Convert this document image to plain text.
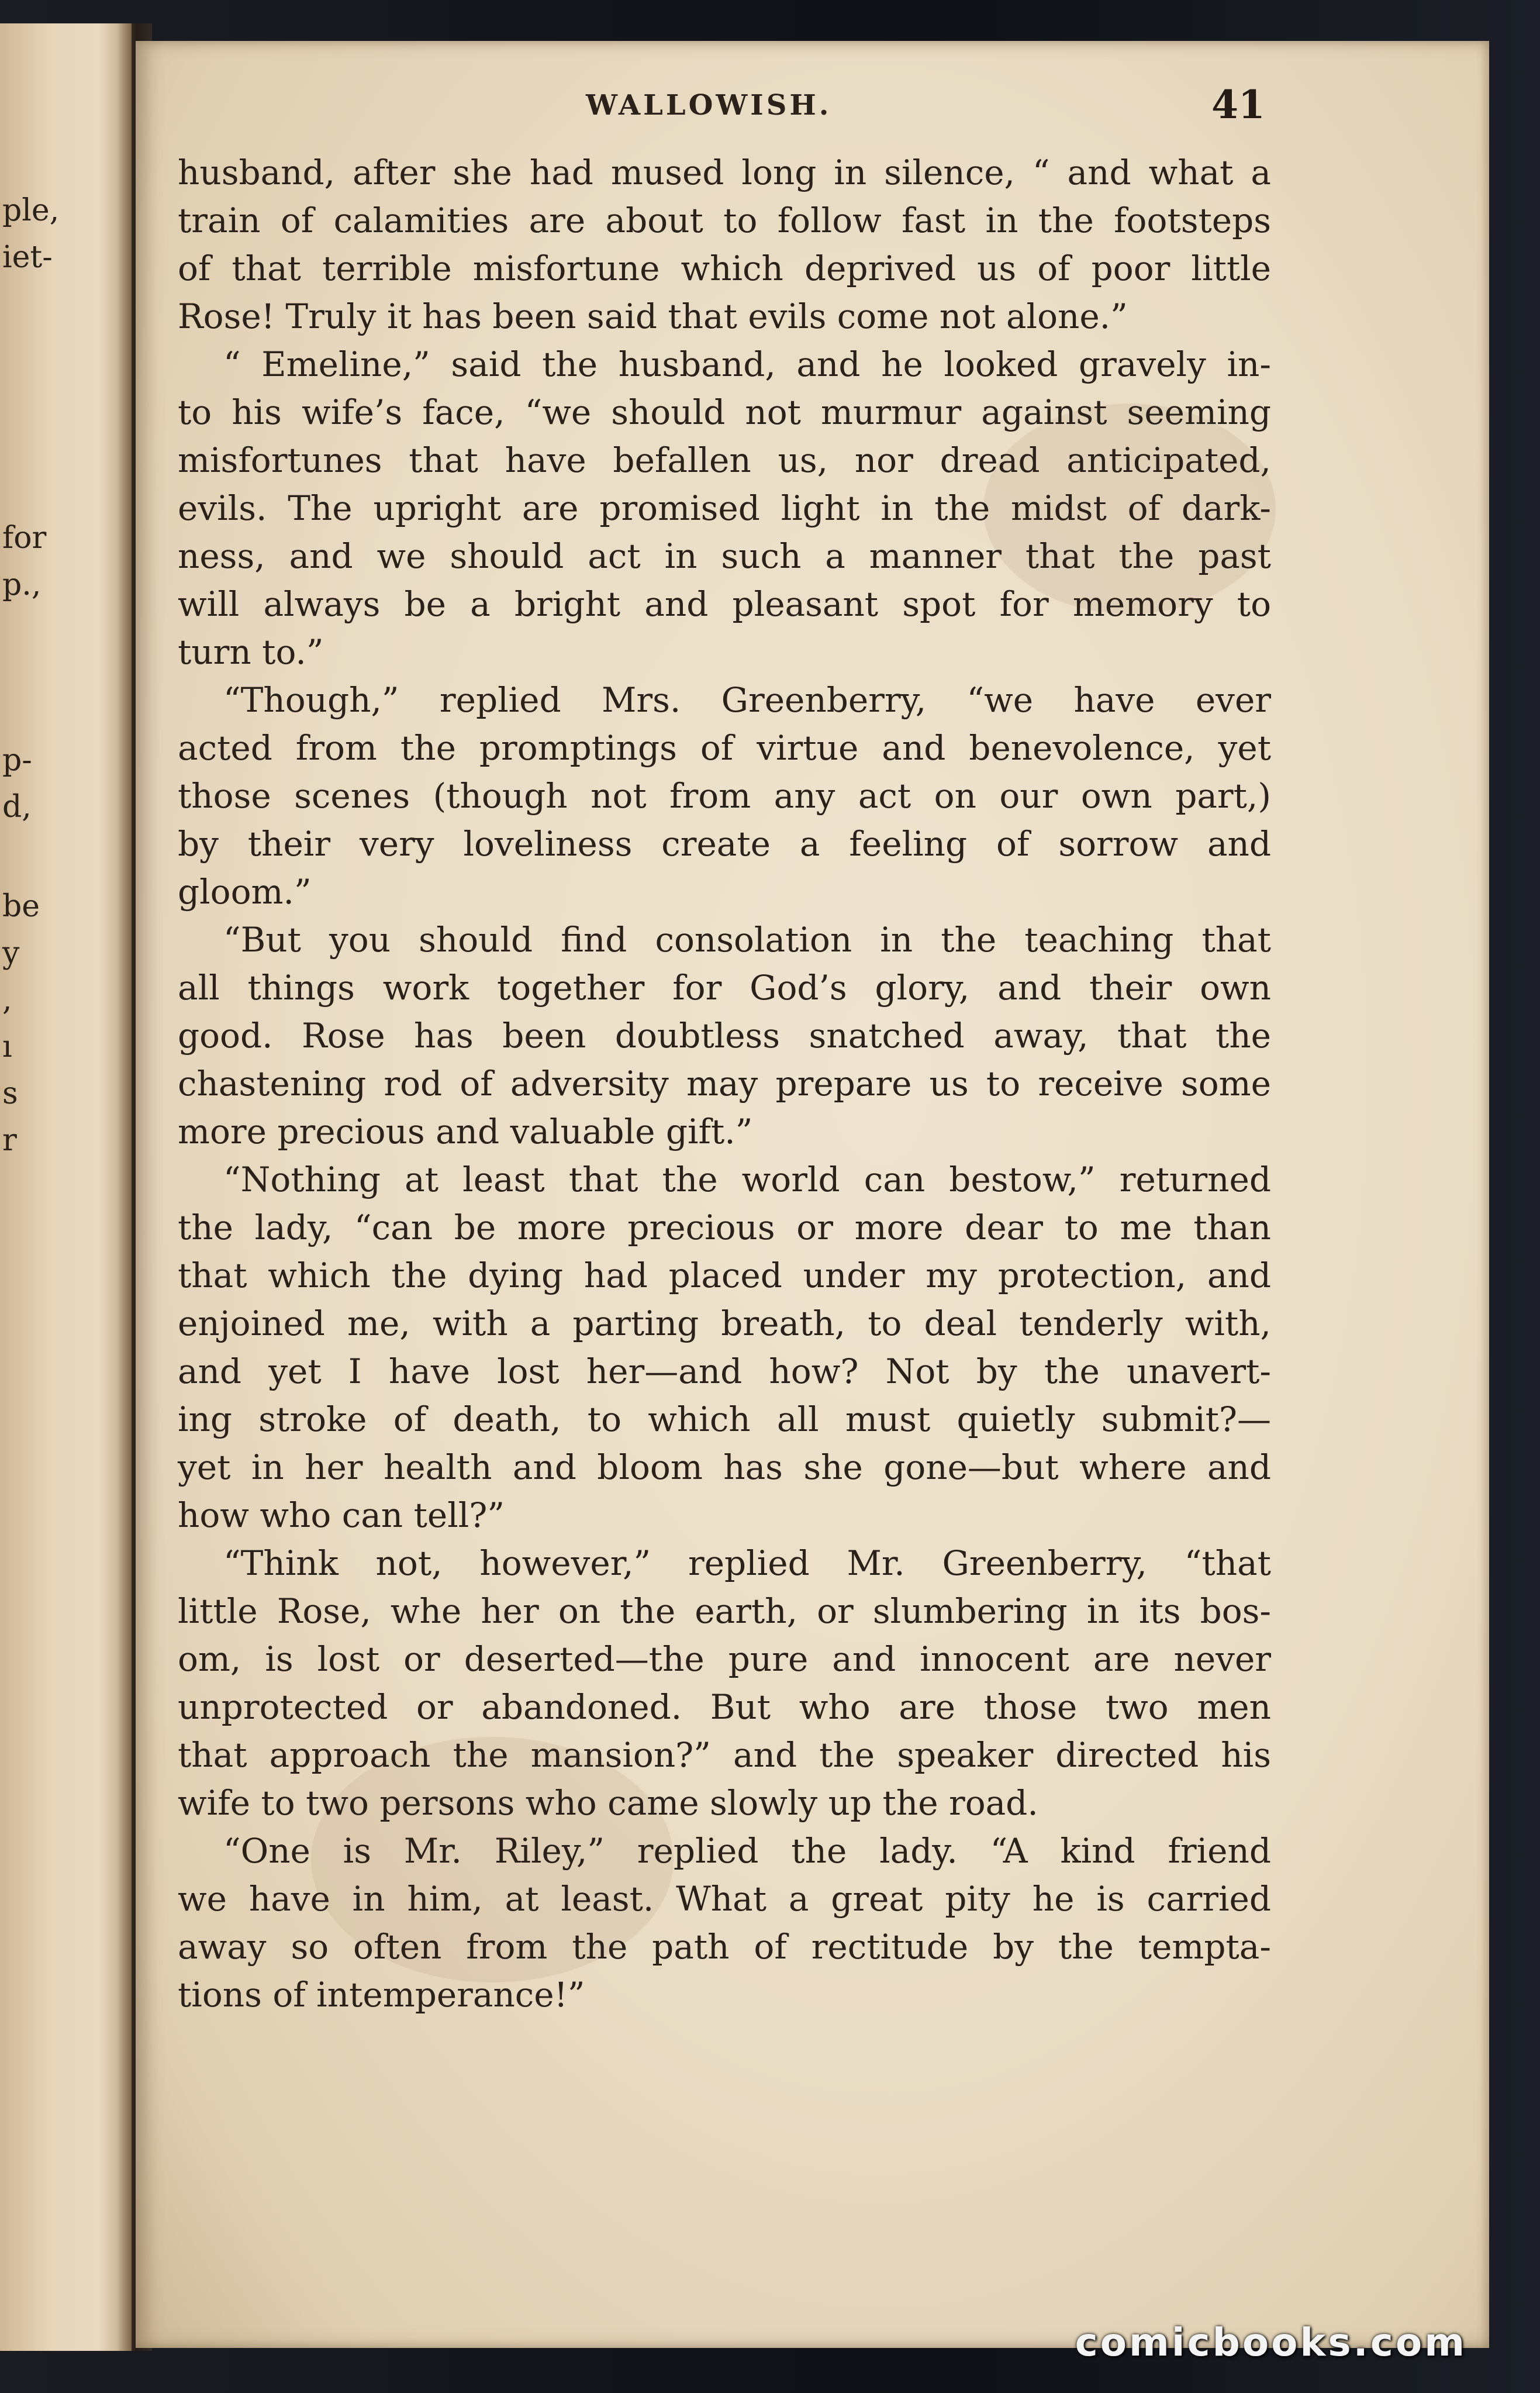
ple,
iet-
for
p.,
p-
d,
be
y
,
ı
s
r
WALLOWISH.	41
husband, after she had mused long in silence, “ and what a
train of calamities are about to follow fast in the footsteps
of that terrible misfortune which deprived us of poor little
Rose! Truly it has been said that evils come not alone.”
“ Emeline,” said the husband, and he looked gravely in-
to his wife’s face, “we should not murmur against seeming
misfortunes that have befallen us, nor dread anticipated,
evils. The upright are promised light in the midst of dark-
ness, and we should act in such a manner that the past
will always be a bright and pleasant spot for memory to
turn to.”
“Though,” replied Mrs. Greenberry, “we have ever
acted from the promptings of virtue and benevolence, yet
those scenes (though not from any act on our own part,)
by their very loveliness create a feeling of sorrow and
gloom.”
“But you should find consolation in the teaching that
all things work together for God’s glory, and their own
good. Rose has been doubtless snatched away, that the
chastening rod of adversity may prepare us to receive some
more precious and valuable gift.”
“Nothing at least that the world can bestow,” returned
the lady, “can be more precious or more dear to me than
that which the dying had placed under my protection, and
enjoined me, with a parting breath, to deal tenderly with,
and yet I have lost her—and how? Not by the unavert-
ing stroke of death, to which all must quietly submit?—
yet in her health and bloom has she gone—but where and
how who can tell?”
“Think not, however,” replied Mr. Greenberry, “that
little Rose, whe her on the earth, or slumbering in its bos-
om, is lost or deserted—the pure and innocent are never
unprotected or abandoned. But who are those two men
that approach the mansion?” and the speaker directed his
wife to two persons who came slowly up the road.
“One is Mr. Riley,” replied the lady. “A kind friend
we have in him, at least. What a great pity he is carried
away so often from the path of rectitude by the tempta-
tions of intemperance!”
comicbooks.com
